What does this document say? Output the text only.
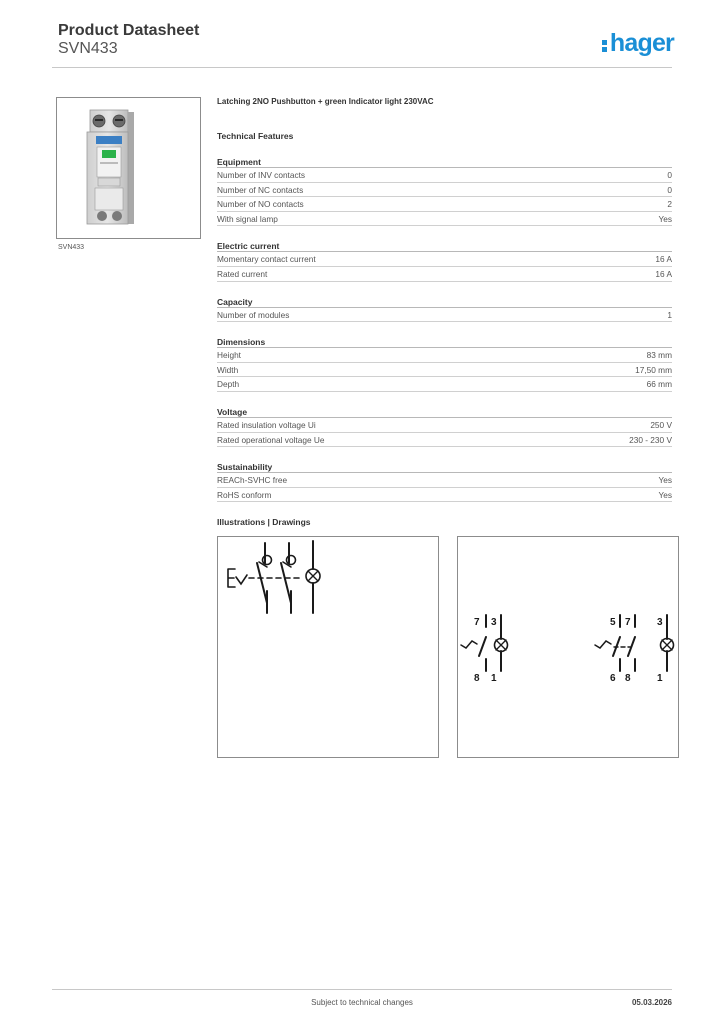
Product Datasheet
SVN433	hager
SVN433
Latching 2NO Pushbutton + green Indicator light 230VAC
Technical Features
Equipment
Number of INV contacts	0
Number of NC contacts	0
Number of NO contacts	2
With signal lamp	Yes
Electric current
Momentary contact current	16 A
Rated current	16 A
Capacity
Number of modules	1
Dimensions
Height	83 mm
Width	17,50 mm
Depth	66 mm
Voltage
Rated insulation voltage Ui	250 V
Rated operational voltage Ue	230 - 230 V
Sustainability
REACh-SVHC free	Yes
RoHS conform	Yes
Illustrations | Drawings
7 3
8 1
5 7	3
6 8	1
Subject to technical changes	05.03.2026
